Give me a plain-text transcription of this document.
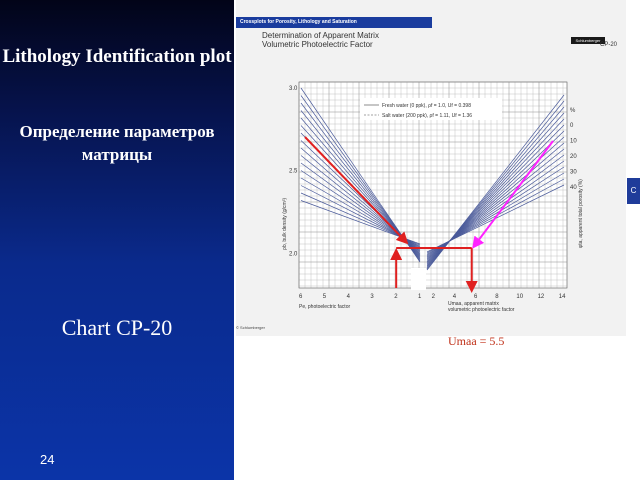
Lithology Identification plot
Определение параметров матрицы
Chart CP-20
24
C
Crossplots for Porosity, Lithology and Saturation
Schlumberger
CP-20
Determination of Apparent Matrix
Volumetric Photoelectric Factor
© Schlumberger
Fresh water (0 ppk), ρf = 1.0, Uf = 0.398
Salt water (200 ppk), ρf = 1.11, Uf = 1.36
ρb, bulk density (g/cm³)
Pe, photoelectric factor	Umaa, apparent matrix volumetric photoelectric factor
φta, apparent total porosity (%)
%
3.0
2.5
2.0
6	5	4	3	2	1 2	4	6	8	10 12 14
0
10
20
30
40
Umaa = 5.5
